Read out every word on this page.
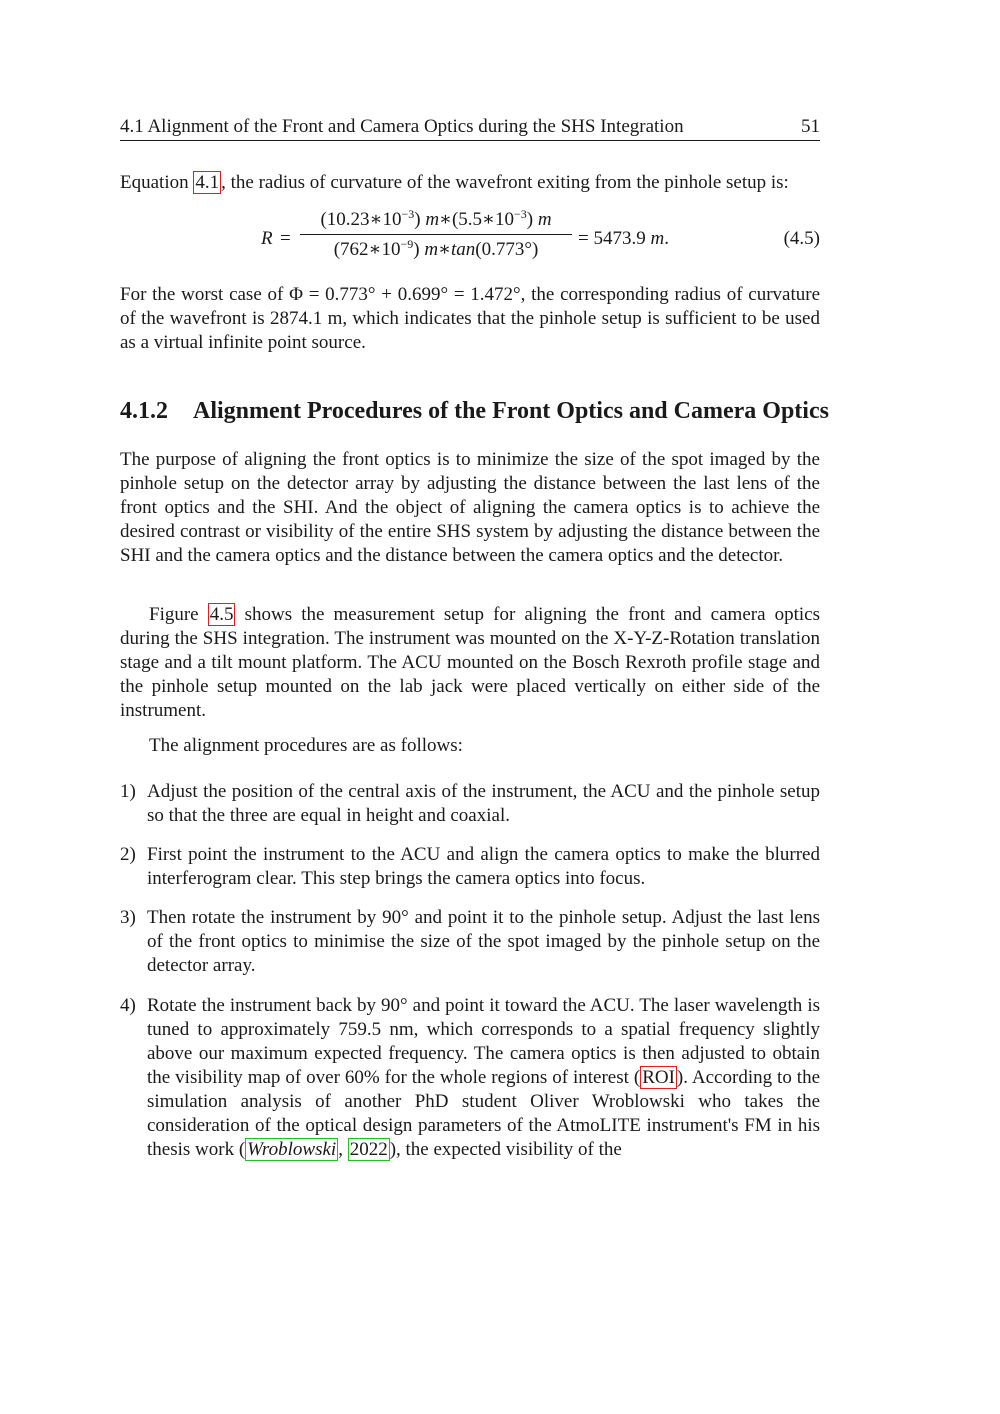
4.1 Alignment of the Front and Camera Optics during the SHS Integration	51

Equation 4.1 , the radius of curvature of the wavefront exiting from the pinhole setup is:

$R = \frac{(10.23∗10^{-3}) m∗(5.5∗10^{-3}) m}{(762∗10^{-9}) m∗\tan(0.773^\circ)} = 5473.9$ m.	(4.5)

For the worst case of Φ = 0.773° + 0.699° = 1.472°, the corresponding radius of curvature of the wavefront is 2874.1 m, which indicates that the pinhole setup is sufficient to be used as a virtual infinite point source.

4.1.2 Alignment Procedures of the Front Optics and Camera Optics

The purpose of aligning the front optics is to minimize the size of the spot imaged by the pinhole setup on the detector array by adjusting the distance between the last lens of the front optics and the SHI. And the object of aligning the camera optics is to achieve the desired contrast or visibility of the entire SHS system by adjusting the distance between the SHI and the camera optics and the distance between the camera optics and the detector.

Figure 4.5 shows the measurement setup for aligning the front and camera optics during the SHS integration. The instrument was mounted on the X-Y-Z-Rotation translation stage and a tilt mount platform. The ACU mounted on the Bosch Rexroth profile stage and the pinhole setup mounted on the lab jack were placed vertically on either side of the instrument.

The alignment procedures are as follows:

1) Adjust the position of the central axis of the instrument, the ACU and the pinhole setup so that the three are equal in height and coaxial.
2) First point the instrument to the ACU and align the camera optics to make the blurred interferogram clear. This step brings the camera optics into focus.
3) Then rotate the instrument by 90° and point it to the pinhole setup. Adjust the last lens of the front optics to minimise the size of the spot imaged by the pinhole setup on the detector array.
4) Rotate the instrument back by 90° and point it toward the ACU. The laser wavelength is tuned to approximately 759.5 nm, which corresponds to a spatial frequency slightly above our maximum expected frequency. The camera optics is then adjusted to obtain the visibility map of over 60% for the whole regions of interest ( ROI ). According to the simulation analysis of another PhD student Oliver Wroblowski who takes the consideration of the optical design parameters of the AtmoLITE instrument's FM in his thesis work ( Wroblowski , 2022 ), the expected visibility of the
